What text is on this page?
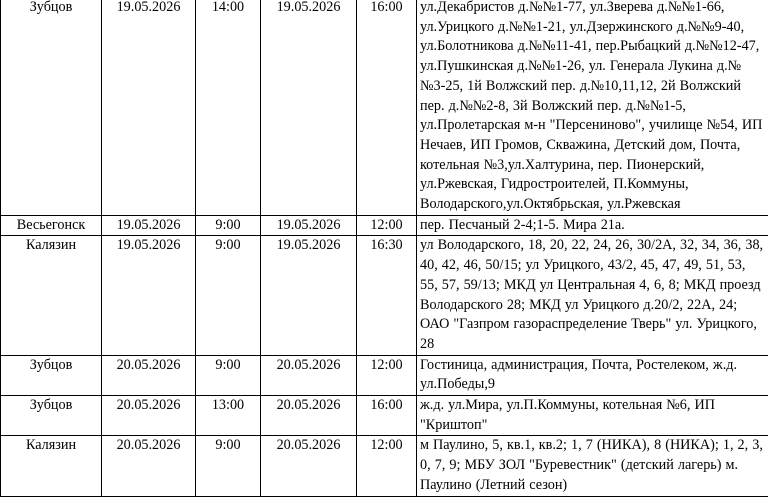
Зубцов	19.05.2026	14:00	19.05.2026	16:00	ул.Декабристов д.№№1-77, ул.Зверева д.№№1-66, ул.Урицкого д.№№1-21, ул.Дзержинского д.№№9-40, ул.Болотникова д.№№11-41, пер.Рыбацкий д.№№12-47, ул.Пушкинская д.№№1-26, ул. Генерала Лукина д.№№3-25, 1й Волжский пер. д.№10,11,12, 2й Волжский пер. д.№№2-8, 3й Волжский пер. д.№№1-5, ул.Пролетарская м-н "Персениново", училище №54, ИП Нечаев, ИП Громов, Скважина, Детский дом, Почта, котельная №3,ул.Халтурина, пер. Пионерский, ул.Ржевская, Гидростроителей, П.Коммуны, Володарского,ул.Октябрьская, ул.Ржевская
Весьегонск	19.05.2026	9:00	19.05.2026	12:00	пер. Песчаный 2-4;1-5. Мира 21а.
Калязин	19.05.2026	9:00	19.05.2026	16:30	ул Володарского, 18, 20, 22, 24, 26, 30/2А, 32, 34, 36, 38, 40, 42, 46, 50/15; ул Урицкого, 43/2, 45, 47, 49, 51, 53, 55, 57, 59/13; МКД ул Центральная 4, 6, 8; МКД проезд Володарского 28; МКД ул Урицкого д.20/2, 22А, 24; ОАО "Газпром газораспределение Тверь" ул. Урицкого, 28
Зубцов	20.05.2026	9:00	20.05.2026	12:00	Гостиница, администрация, Почта, Ростелеком, ж.д. ул.Победы,9
Зубцов	20.05.2026	13:00	20.05.2026	16:00	ж.д. ул.Мира, ул.П.Коммуны, котельная №6, ИП "Криштоп"
Калязин	20.05.2026	9:00	20.05.2026	12:00	м Паулино, 5, кв.1, кв.2; 1, 7 (НИКА), 8 (НИКА); 1, 2, 3, 0, 7, 9; МБУ ЗОЛ "Буревестник" (детский лагерь) м. Паулино (Летний сезон)
